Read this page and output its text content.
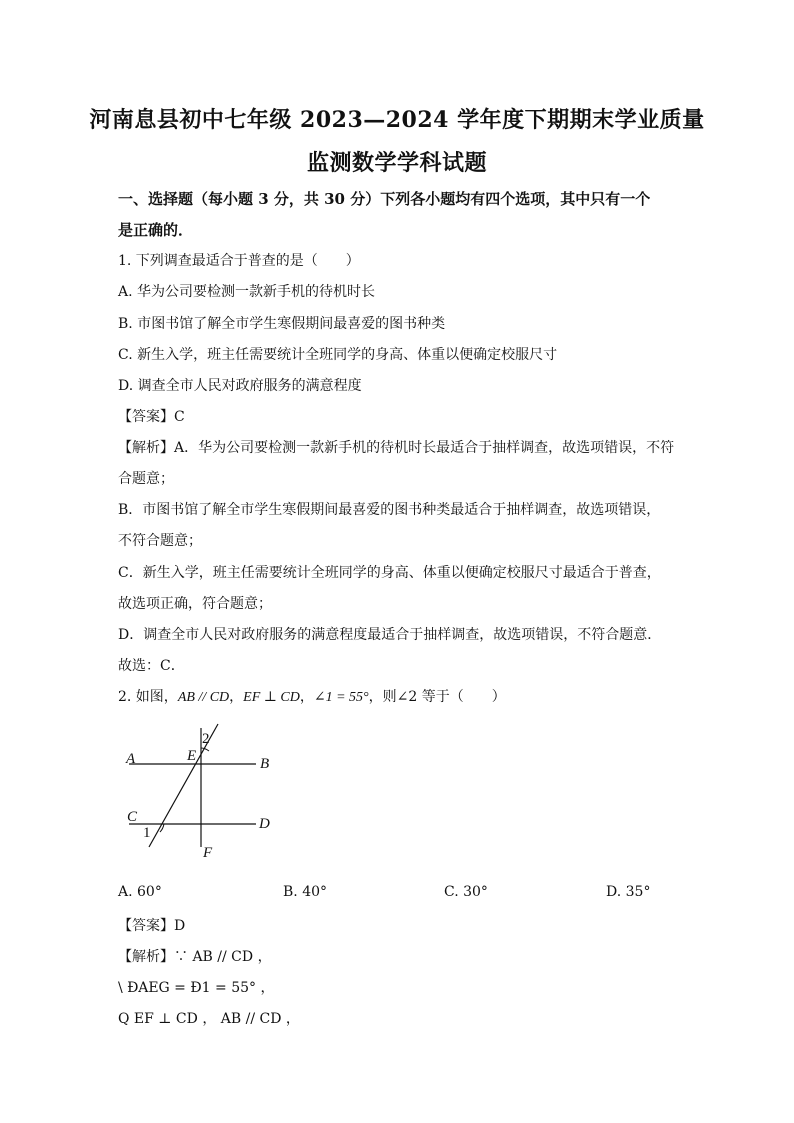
河南息县初中七年级 2023—2024 学年度下期期末学业质量
监测数学学科试题
一、选择题（每小题 3 分，共 30 分）下列各小题均有四个选项，其中只有一个
是正确的．
1. 下列调查最适合于普查的是（　　）
A. 华为公司要检测一款新手机的待机时长
B. 市图书馆了解全市学生寒假期间最喜爱的图书种类
C. 新生入学，班主任需要统计全班同学的身高、体重以便确定校服尺寸
D. 调查全市人民对政府服务的满意程度
【答案】C
【解析】A．华为公司要检测一款新手机的待机时长最适合于抽样调查，故选项错误，不符
合题意；
B．市图书馆了解全市学生寒假期间最喜爱的图书种类最适合于抽样调查，故选项错误，
不符合题意；
C．新生入学，班主任需要统计全班同学的身高、体重以便确定校服尺寸最适合于普查，
故选项正确，符合题意；
D．调查全市人民对政府服务的满意程度最适合于抽样调查，故选项错误，不符合题意．
故选：C．
2. 如图，AB // CD，EF ⊥ CD，∠1 = 55°，则∠2 等于（　　）
A	B
C	D
E
F
1
2
A. 60°	B. 40°	C. 30°	D. 35°
【答案】D
【解析】∵ AB // CD ，
\ ÐAEG = Ð1 = 55° ，
Q EF ⊥ CD ， AB // CD ，
